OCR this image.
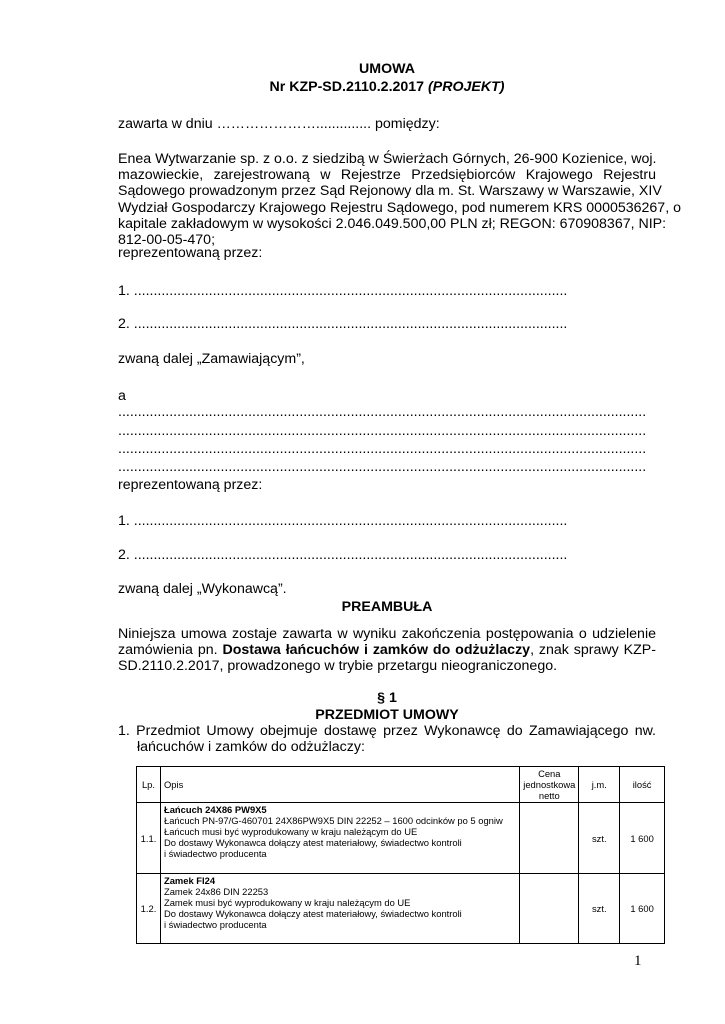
UMOWA
Nr KZP-SD.2110.2.2017 (PROJEKT)
zawarta w dniu ………………….............. pomiędzy:
Enea Wytwarzanie sp. z o.o. z siedzibą w Świerżach Górnych, 26-900 Kozienice, woj.
mazowieckie, zarejestrowaną w Rejestrze Przedsiębiorców Krajowego Rejestru
Sądowego prowadzonym przez Sąd Rejonowy dla m. St. Warszawy w Warszawie, XIV
Wydział Gospodarczy Krajowego Rejestru Sądowego, pod numerem KRS 0000536267, o
kapitale zakładowym w wysokości 2.046.049.500,00 PLN zł; REGON: 670908367, NIP:
812-00-05-470;
reprezentowaną przez:
1. ..............................................................................................................
2. ..............................................................................................................
zwaną dalej „Zamawiającym”,
a
......................................................................................................................................
......................................................................................................................................
......................................................................................................................................
......................................................................................................................................
reprezentowaną przez:
1. ..............................................................................................................
2. ..............................................................................................................
zwaną dalej „Wykonawcą”.
PREAMBUŁA
Niniejsza umowa zostaje zawarta w wyniku zakończenia postępowania o udzielenie
zamówienia pn. Dostawa łańcuchów i zamków do odżużlaczy, znak sprawy KZP-
SD.2110.2.2017, prowadzonego w trybie przetargu nieograniczonego.
§ 1
PRZEDMIOT UMOWY
1. Przedmiot Umowy obejmuje dostawę przez Wykonawcę do Zamawiającego nw.
łańcuchów i zamków do odżużlaczy:
Lp.	Opis	Cena
jednostkowa
netto	j.m.	ilość
1.1.	Łańcuch 24X86 PW9X5
Łańcuch PN-97/G-460701 24X86PW9X5 DIN 22252 – 1600 odcinków po 5 ogniw
Łańcuch musi być wyprodukowany w kraju należącym do UE
Do dostawy Wykonawca dołączy atest materiałowy, świadectwo kontroli
i świadectwo producenta		szt.	1 600
1.2.	Zamek FI24
Zamek 24x86 DIN 22253
Zamek musi być wyprodukowany w kraju należącym do UE
Do dostawy Wykonawca dołączy atest materiałowy, świadectwo kontroli
i świadectwo producenta		szt.	1 600
1
